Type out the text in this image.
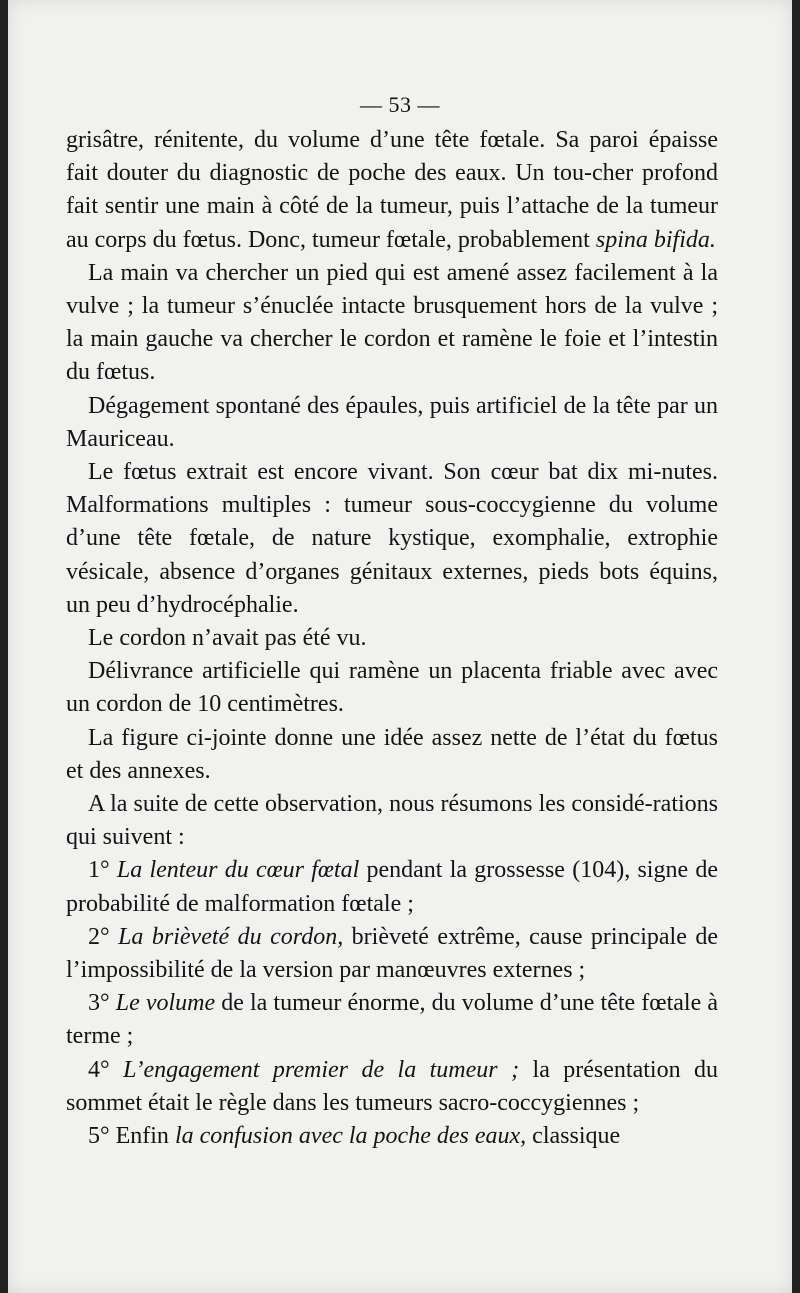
— 53 —

grisâtre, rénitente, du volume d’une tête fœtale. Sa paroi épaisse fait douter du diagnostic de poche des eaux. Un tou-cher profond fait sentir une main à côté de la tumeur, puis l’attache de la tumeur au corps du fœtus. Donc, tumeur fœtale, probablement spina bifida.

La main va chercher un pied qui est amené assez facilement à la vulve ; la tumeur s’énuclée intacte brusquement hors de la vulve ; la main gauche va chercher le cordon et ramène le foie et l’intestin du fœtus.

Dégagement spontané des épaules, puis artificiel de la tête par un Mauriceau.

Le fœtus extrait est encore vivant. Son cœur bat dix mi-nutes. Malformations multiples : tumeur sous-coccygienne du volume d’une tête fœtale, de nature kystique, exomphalie, extrophie vésicale, absence d’organes génitaux externes, pieds bots équins, un peu d’hydrocéphalie.

Le cordon n’avait pas été vu.

Délivrance artificielle qui ramène un placenta friable avec avec un cordon de 10 centimètres.

La figure ci-jointe donne une idée assez nette de l’état du fœtus et des annexes.

A la suite de cette observation, nous résumons les considé-rations qui suivent :

1° La lenteur du cœur fœtal pendant la grossesse (104), signe de probabilité de malformation fœtale ;

2° La brièveté du cordon, brièveté extrême, cause principale de l’impossibilité de la version par manœuvres externes ;

3° Le volume de la tumeur énorme, du volume d’une tête fœtale à terme ;

4° L’engagement premier de la tumeur ; la présentation du sommet était le règle dans les tumeurs sacro-coccygiennes ;

5° Enfin la confusion avec la poche des eaux, classique
